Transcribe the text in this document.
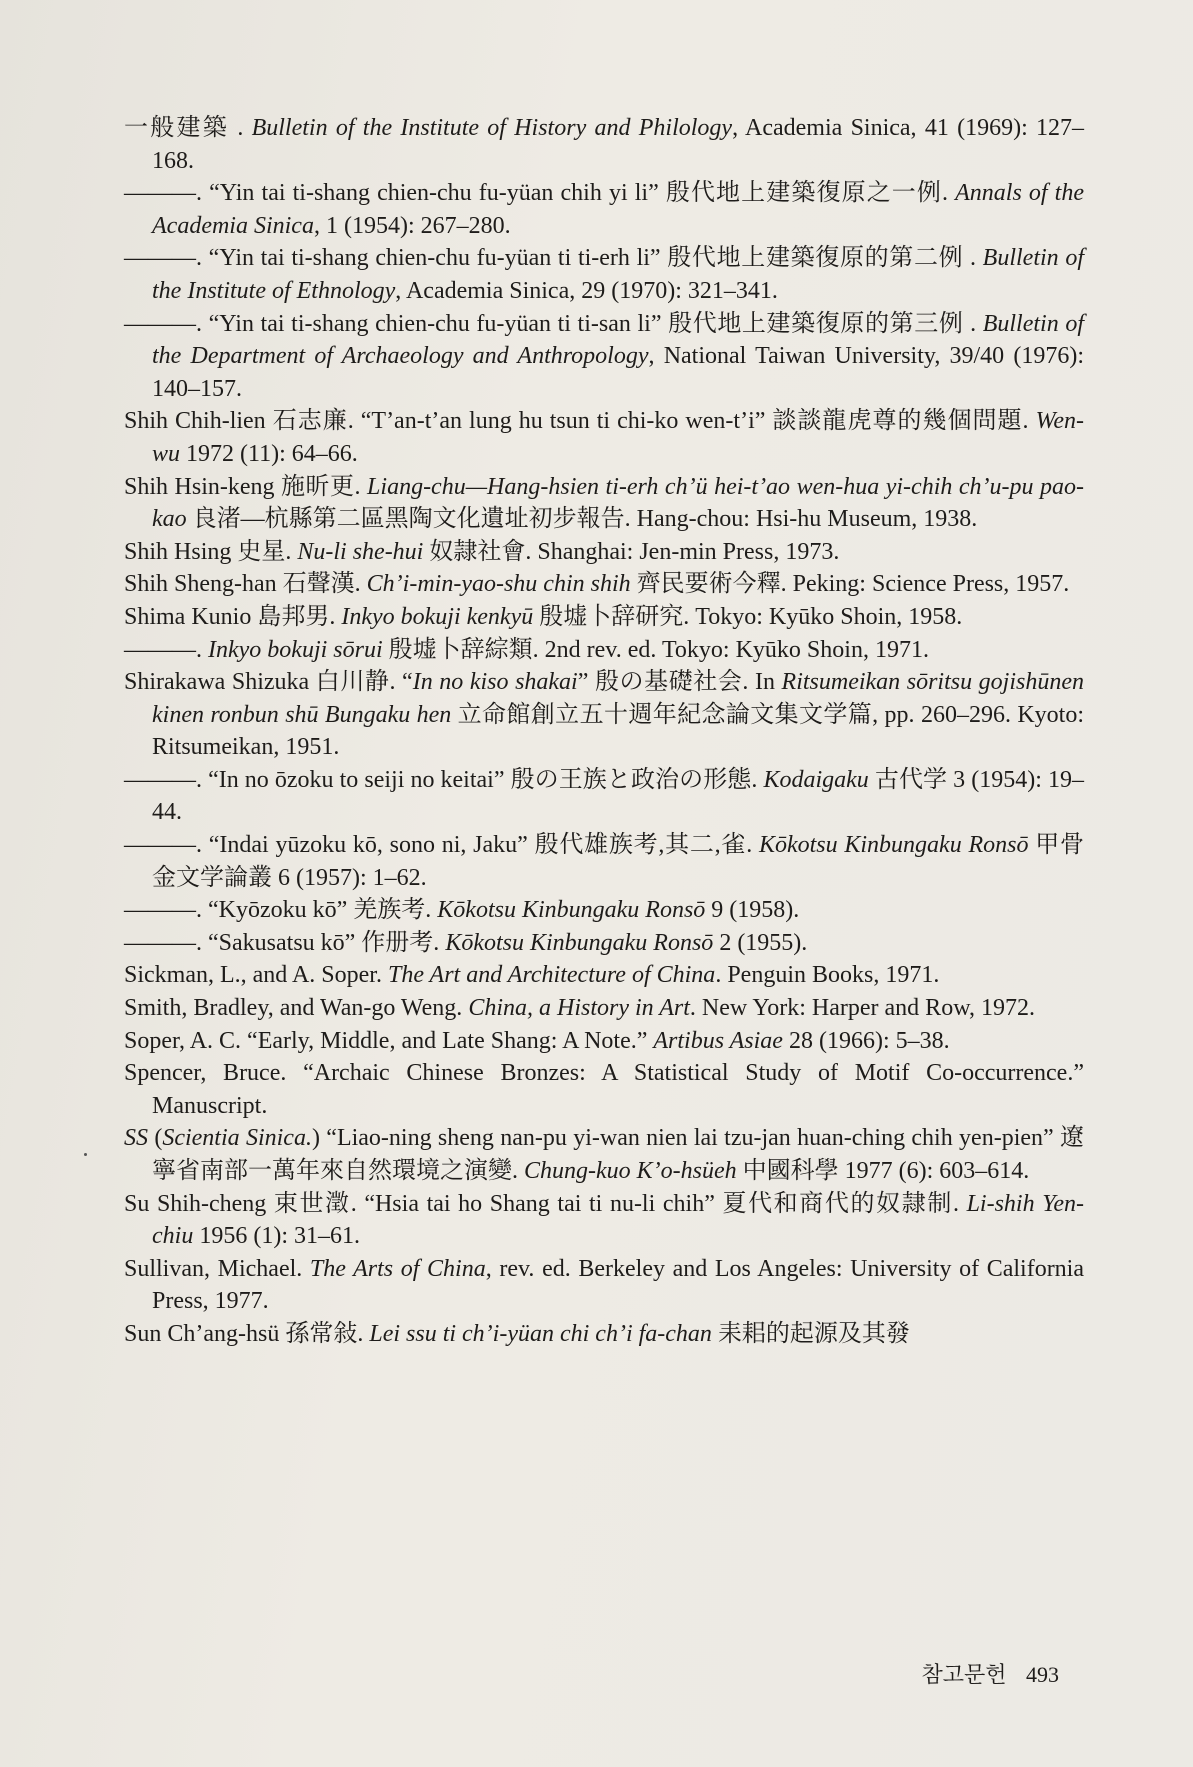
一般建築 . Bulletin of the Institute of History and Philology, Academia Sinica, 41 (1969): 127–168.
———. “Yin tai ti-shang chien-chu fu-yüan chih yi li” 殷代地上建築復原之一例. Annals of the Academia Sinica, 1 (1954): 267–280.
———. “Yin tai ti-shang chien-chu fu-yüan ti ti-erh li” 殷代地上建築復原的第二例 . Bulletin of the Institute of Ethnology, Academia Sinica, 29 (1970): 321–341.
———. “Yin tai ti-shang chien-chu fu-yüan ti ti-san li” 殷代地上建築復原的第三例 . Bulletin of the Department of Archaeology and Anthropology, National Taiwan University, 39/40 (1976): 140–157.
Shih Chih-lien 石志廉. “T’an-t’an lung hu tsun ti chi-ko wen-t’i” 談談龍虎尊的幾個問題. Wen-wu 1972 (11): 64–66.
Shih Hsin-keng 施昕更. Liang-chu—Hang-hsien ti-erh ch’ü hei-t’ao wen-hua yi-chih ch’u-pu pao-kao 良渚—杭縣第二區黑陶文化遺址初步報告. Hang-chou: Hsi-hu Museum, 1938.
Shih Hsing 史星. Nu-li she-hui 奴隷社會. Shanghai: Jen-min Press, 1973.
Shih Sheng-han 石聲漢. Ch’i-min-yao-shu chin shih 齊民要術今釋. Peking: Science Press, 1957.
Shima Kunio 島邦男. Inkyo bokuji kenkyū 殷墟卜辞研究. Tokyo: Kyūko Shoin, 1958.
———. Inkyo bokuji sōrui 殷墟卜辞綜類. 2nd rev. ed. Tokyo: Kyūko Shoin, 1971.
Shirakawa Shizuka 白川静. “In no kiso shakai” 殷の基礎社会. In Ritsumeikan sōritsu gojishūnen kinen ronbun shū Bungaku hen 立命館創立五十週年紀念論文集文学篇, pp. 260–296. Kyoto: Ritsumeikan, 1951.
———. “In no ōzoku to seiji no keitai” 殷の王族と政治の形態. Kodaigaku 古代学 3 (1954): 19–44.
———. “Indai yūzoku kō, sono ni, Jaku” 殷代雄族考,其二,雀. Kōkotsu Kinbungaku Ronsō 甲骨金文学論叢 6 (1957): 1–62.
———. “Kyōzoku kō” 羌族考. Kōkotsu Kinbungaku Ronsō 9 (1958).
———. “Sakusatsu kō” 作册考. Kōkotsu Kinbungaku Ronsō 2 (1955).
Sickman, L., and A. Soper. The Art and Architecture of China. Penguin Books, 1971.
Smith, Bradley, and Wan-go Weng. China, a History in Art. New York: Harper and Row, 1972.
Soper, A. C. “Early, Middle, and Late Shang: A Note.” Artibus Asiae 28 (1966): 5–38.
Spencer, Bruce. “Archaic Chinese Bronzes: A Statistical Study of Motif Co-occurrence.” Manuscript.
SS (Scientia Sinica.) “Liao-ning sheng nan-pu yi-wan nien lai tzu-jan huan-ching chih yen-pien” 遼寧省南部一萬年來自然環境之演變. Chung-kuo K’o-hsüeh 中國科學 1977 (6): 603–614.
Su Shih-cheng 束世澂. “Hsia tai ho Shang tai ti nu-li chih” 夏代和商代的奴隷制. Li-shih Yen-chiu 1956 (1): 31–61.
Sullivan, Michael. The Arts of China, rev. ed. Berkeley and Los Angeles: University of California Press, 1977.
Sun Ch’ang-hsü 孫常敍. Lei ssu ti ch’i-yüan chi ch’i fa-chan 耒耜的起源及其發
참고문헌 493
